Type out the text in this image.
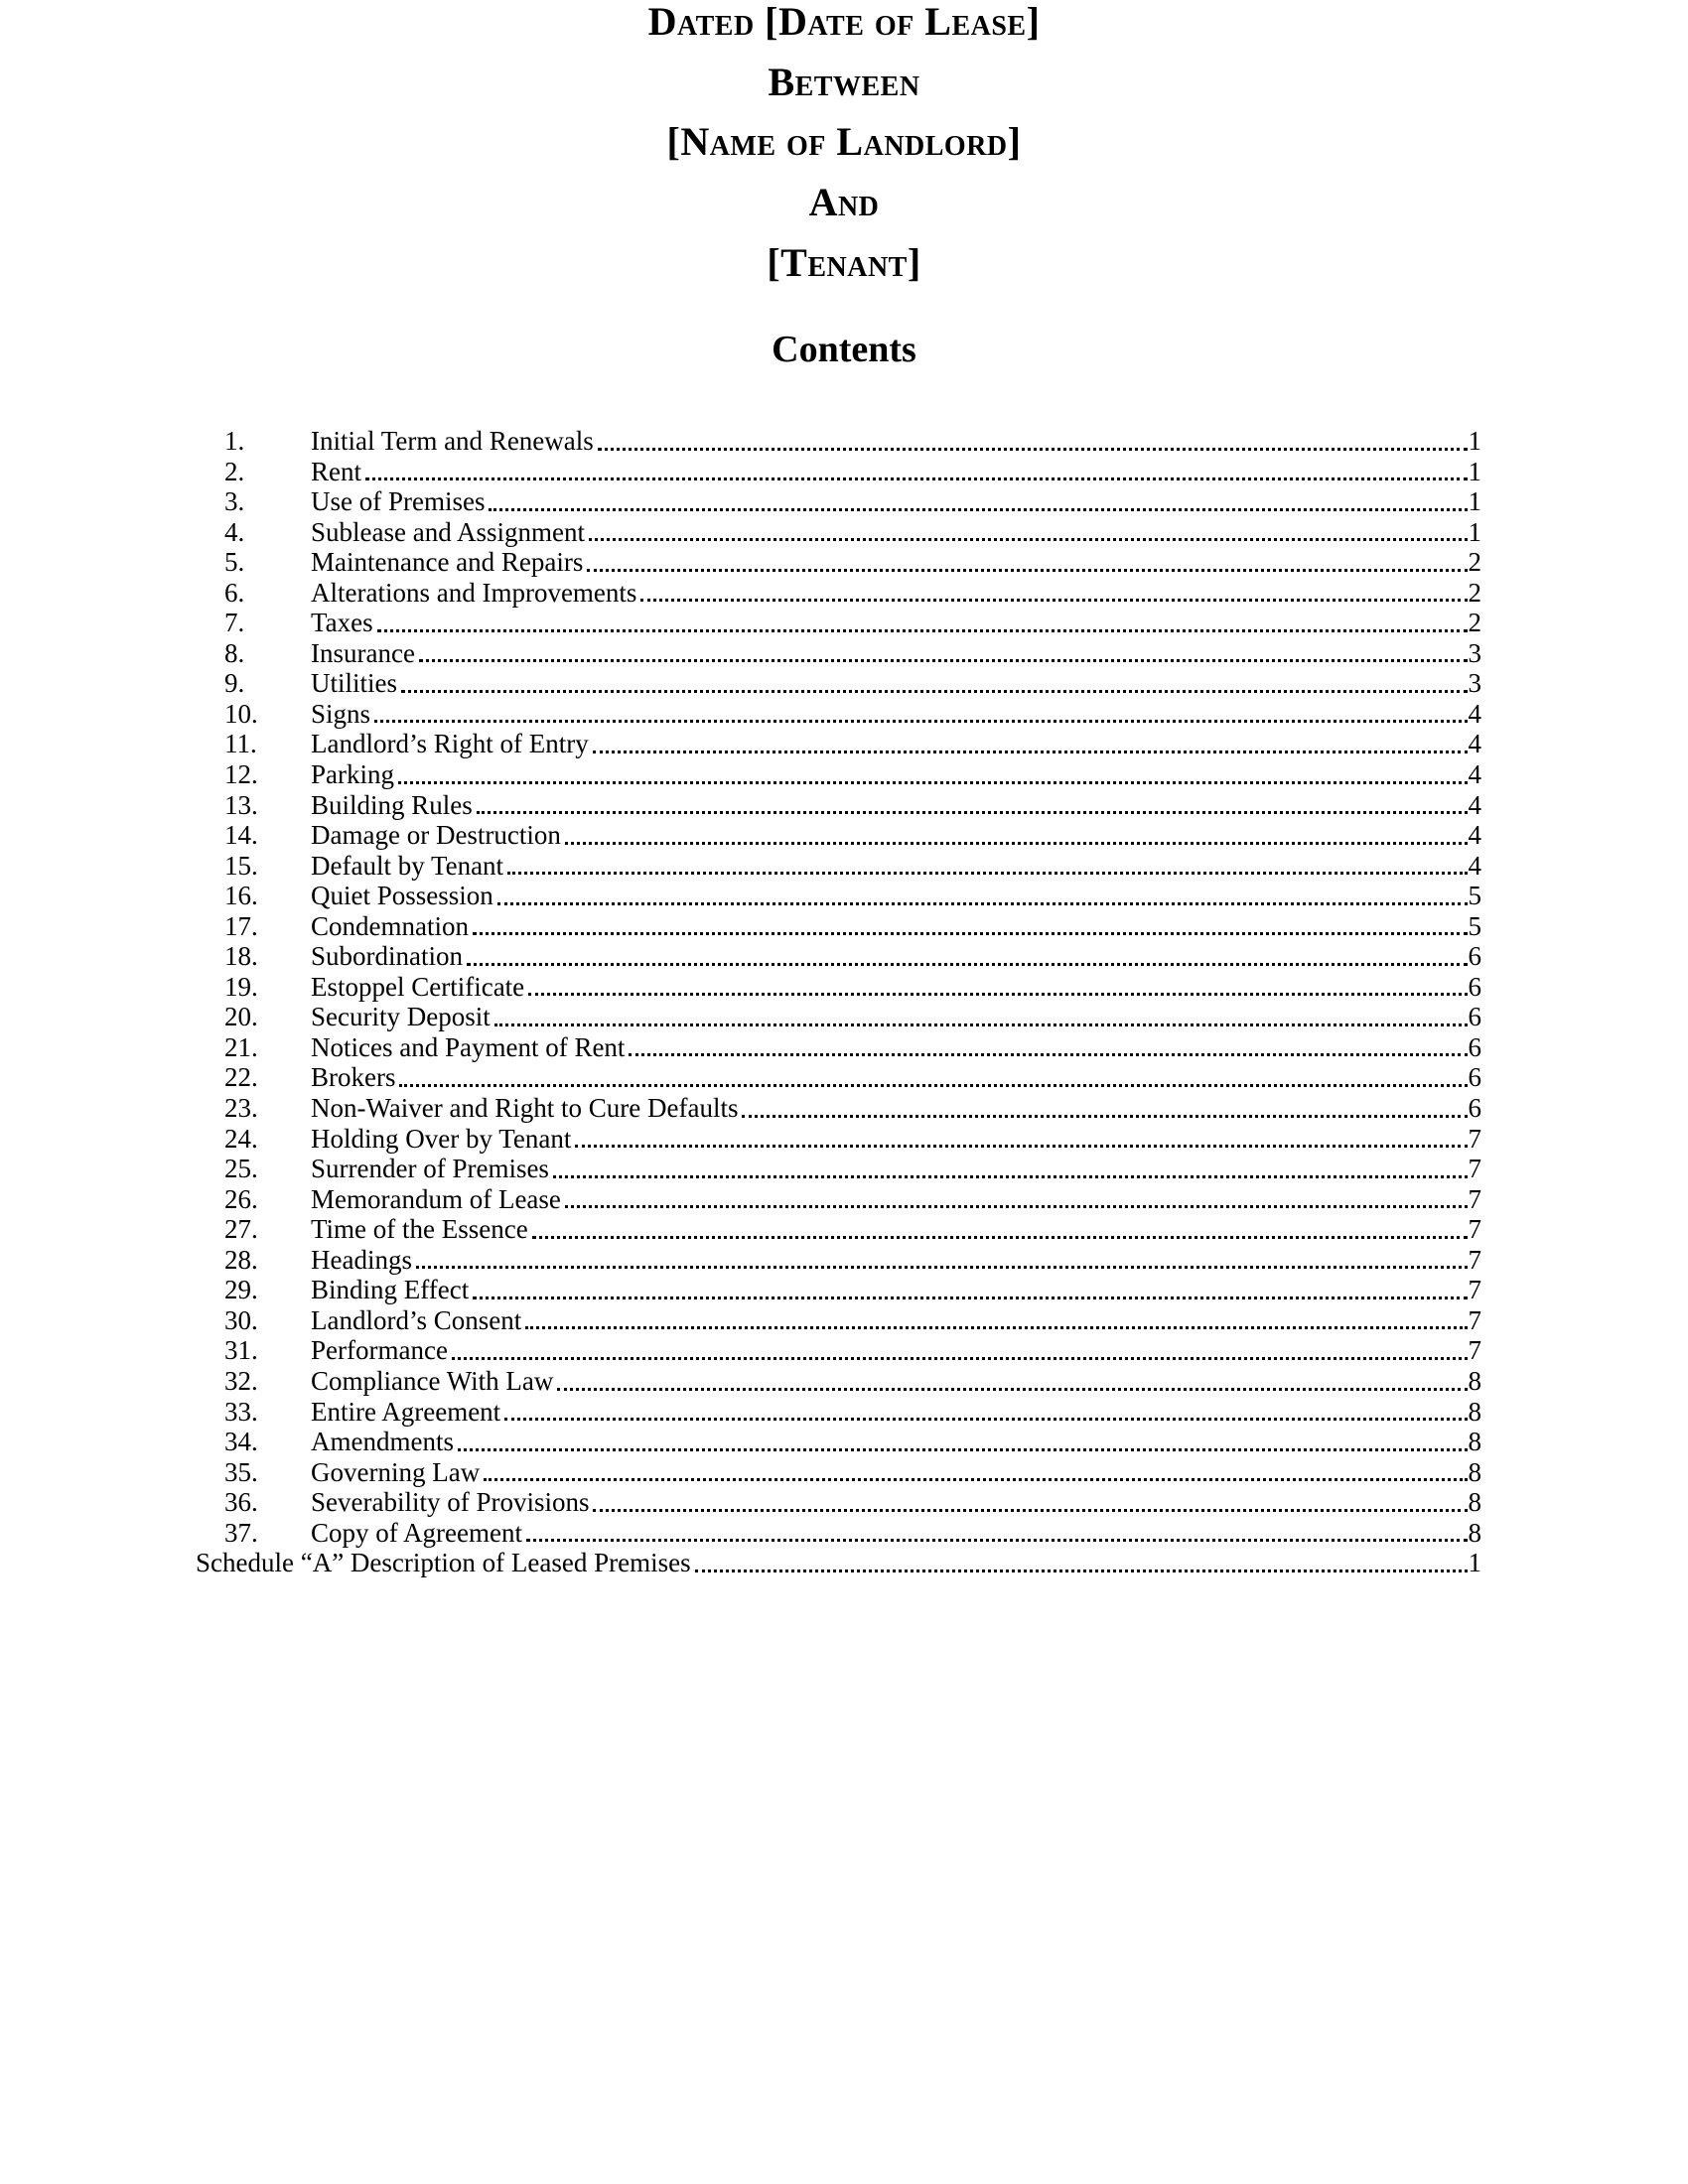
Dated [Date of Lease]
Between
[Name of Landlord]
And
[Tenant]
Contents
1.	Initial Term and Renewals	1
2.	Rent	1
3.	Use of Premises	1
4.	Sublease and Assignment	1
5.	Maintenance and Repairs	2
6.	Alterations and Improvements	2
7.	Taxes	2
8.	Insurance	3
9.	Utilities	3
10.	Signs	4
11.	Landlord’s Right of Entry	4
12.	Parking	4
13.	Building Rules	4
14.	Damage or Destruction	4
15.	Default by Tenant	4
16.	Quiet Possession	5
17.	Condemnation	5
18.	Subordination	6
19.	Estoppel Certificate	6
20.	Security Deposit	6
21.	Notices and Payment of Rent	6
22.	Brokers	6
23.	Non-Waiver and Right to Cure Defaults	6
24.	Holding Over by Tenant	7
25.	Surrender of Premises	7
26.	Memorandum of Lease	7
27.	Time of the Essence	7
28.	Headings	7
29.	Binding Effect	7
30.	Landlord’s Consent	7
31.	Performance	7
32.	Compliance With Law	8
33.	Entire Agreement	8
34.	Amendments	8
35.	Governing Law	8
36.	Severability of Provisions	8
37.	Copy of Agreement	8
Schedule “A” Description of Leased Premises	1
